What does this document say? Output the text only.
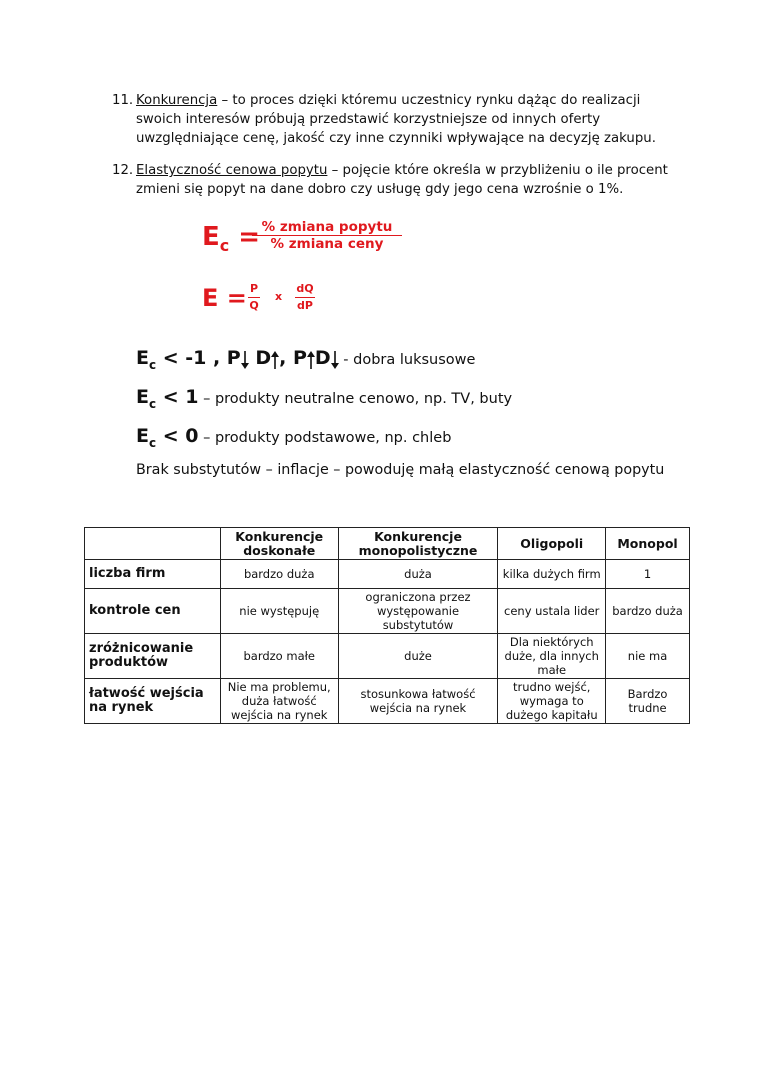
11. Konkurencja – to proces dzięki któremu uczestnicy rynku dążąc do realizacji
swoich interesów próbują przedstawić korzystniejsze od innych oferty
uwzględniające cenę, jakość czy inne czynniki wpływające na decyzję zakupu.
12. Elastyczność cenowa popytu – pojęcie które określa w przybliżeniu o ile procent
zmieni się popyt na dane dobro czy usługę gdy jego cena wzrośnie o 1%.
$E_c$ = % zmiana popytu
% zmiana ceny
$E = \frac{P}{Q}$ x $\frac{dQ}{dP}$
$E_c < -1$ , P D , P D - dobra luksusowe
$E_c < 1$ – produkty neutralne cenowo, np. TV, buty
$E_c < 0$ – produkty podstawowe, np. chleb
Brak substytutów – inflacje – powoduję małą elastyczność cenową popytu
	Konkurencje doskonałe	Konkurencje monopolistyczne	Oligopoli	Monopol
liczba firm	bardzo duża	duża	kilka dużych firm	1
kontrole cen	nie występuję	ograniczona przez występowanie substytutów	ceny ustala lider	bardzo duża
zróżnicowanie produktów	bardzo małe	duże	Dla niektórych duże, dla innych małe	nie ma
łatwość wejścia na rynek	Nie ma problemu, duża łatwość wejścia na rynek	stosunkowa łatwość wejścia na rynek	trudno wejść, wymaga to dużego kapitału	Bardzo trudne
